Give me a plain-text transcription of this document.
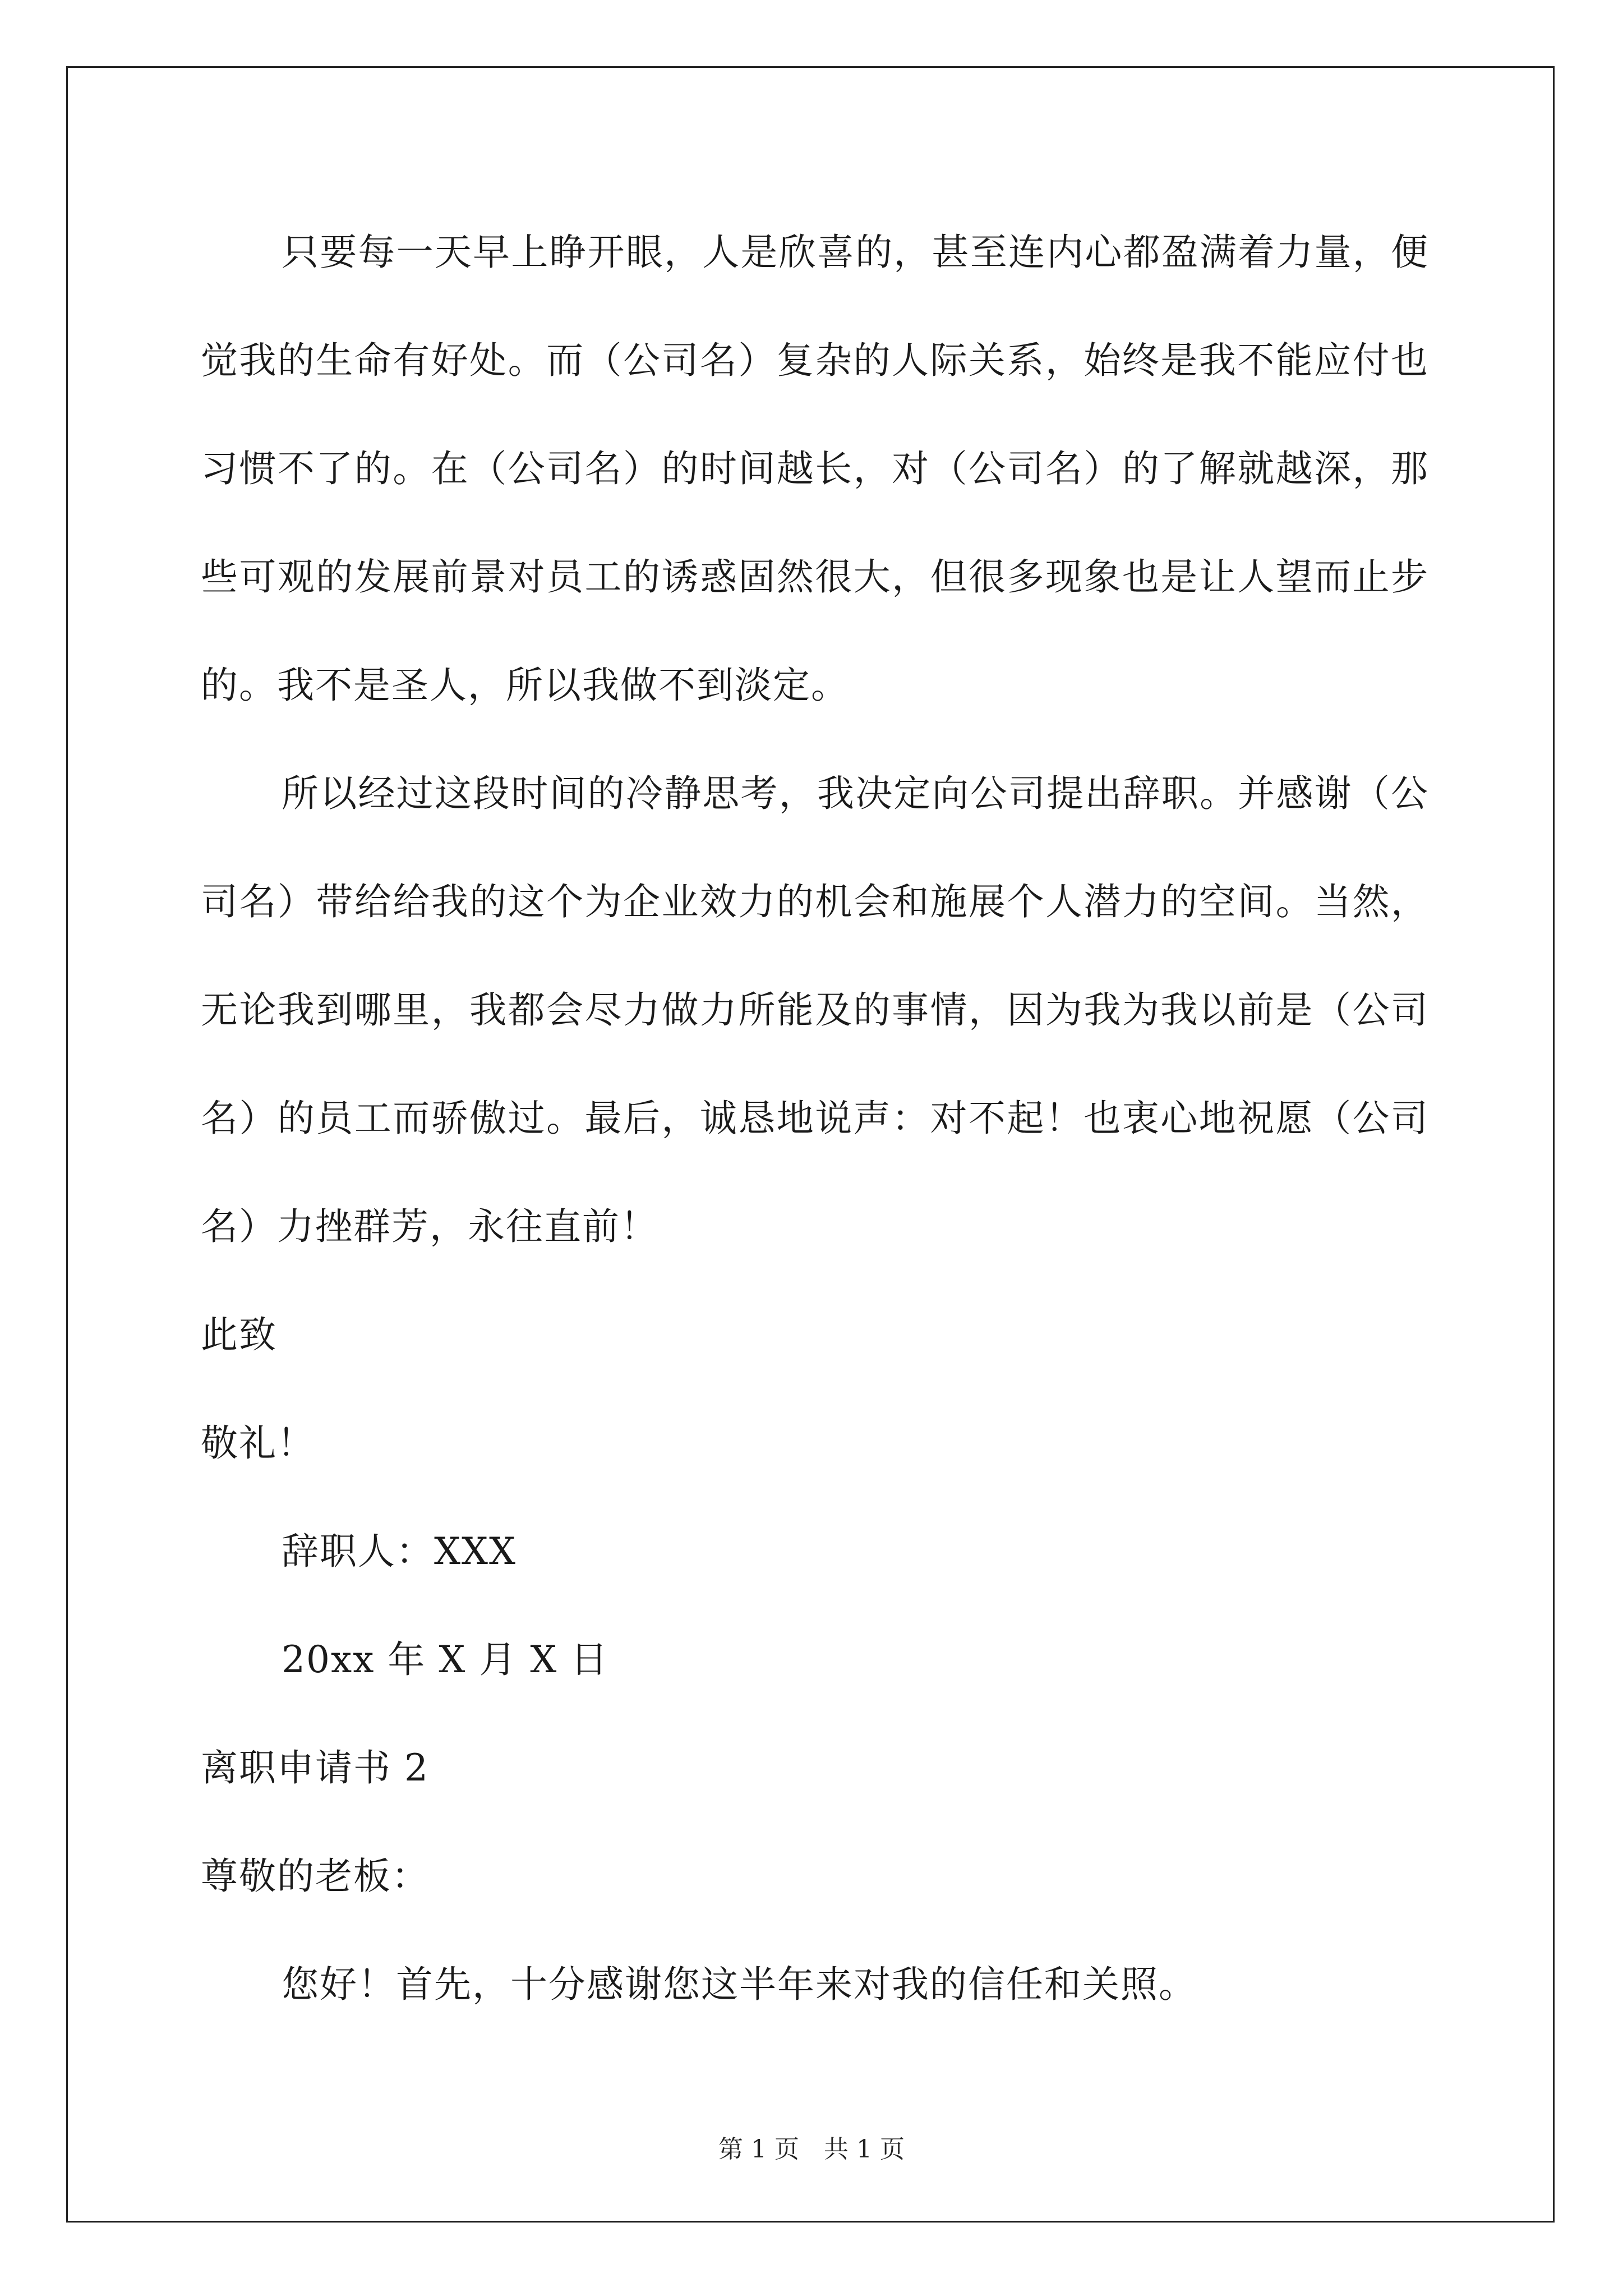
只要每一天早上睁开眼，人是欣喜的，甚至连内心都盈满着力量，便觉我的生命有好处。而（公司名）复杂的人际关系，始终是我不能应付也习惯不了的。在（公司名）的时间越长，对（公司名）的了解就越深，那些可观的发展前景对员工的诱惑固然很大，但很多现象也是让人望而止步的。我不是圣人，所以我做不到淡定。

所以经过这段时间的冷静思考，我决定向公司提出辞职。并感谢（公司名）带给给我的这个为企业效力的机会和施展个人潜力的空间。当然，无论我到哪里，我都会尽力做力所能及的事情，因为我为我以前是（公司名）的员工而骄傲过。最后，诚恳地说声：对不起！也衷心地祝愿（公司名）力挫群芳，永往直前！

此致

敬礼！

辞职人：XXX

20xx 年 X 月 X 日

离职申请书 2

尊敬的老板：

您好！首先，十分感谢您这半年来对我的信任和关照。

第 1 页　共 1 页
